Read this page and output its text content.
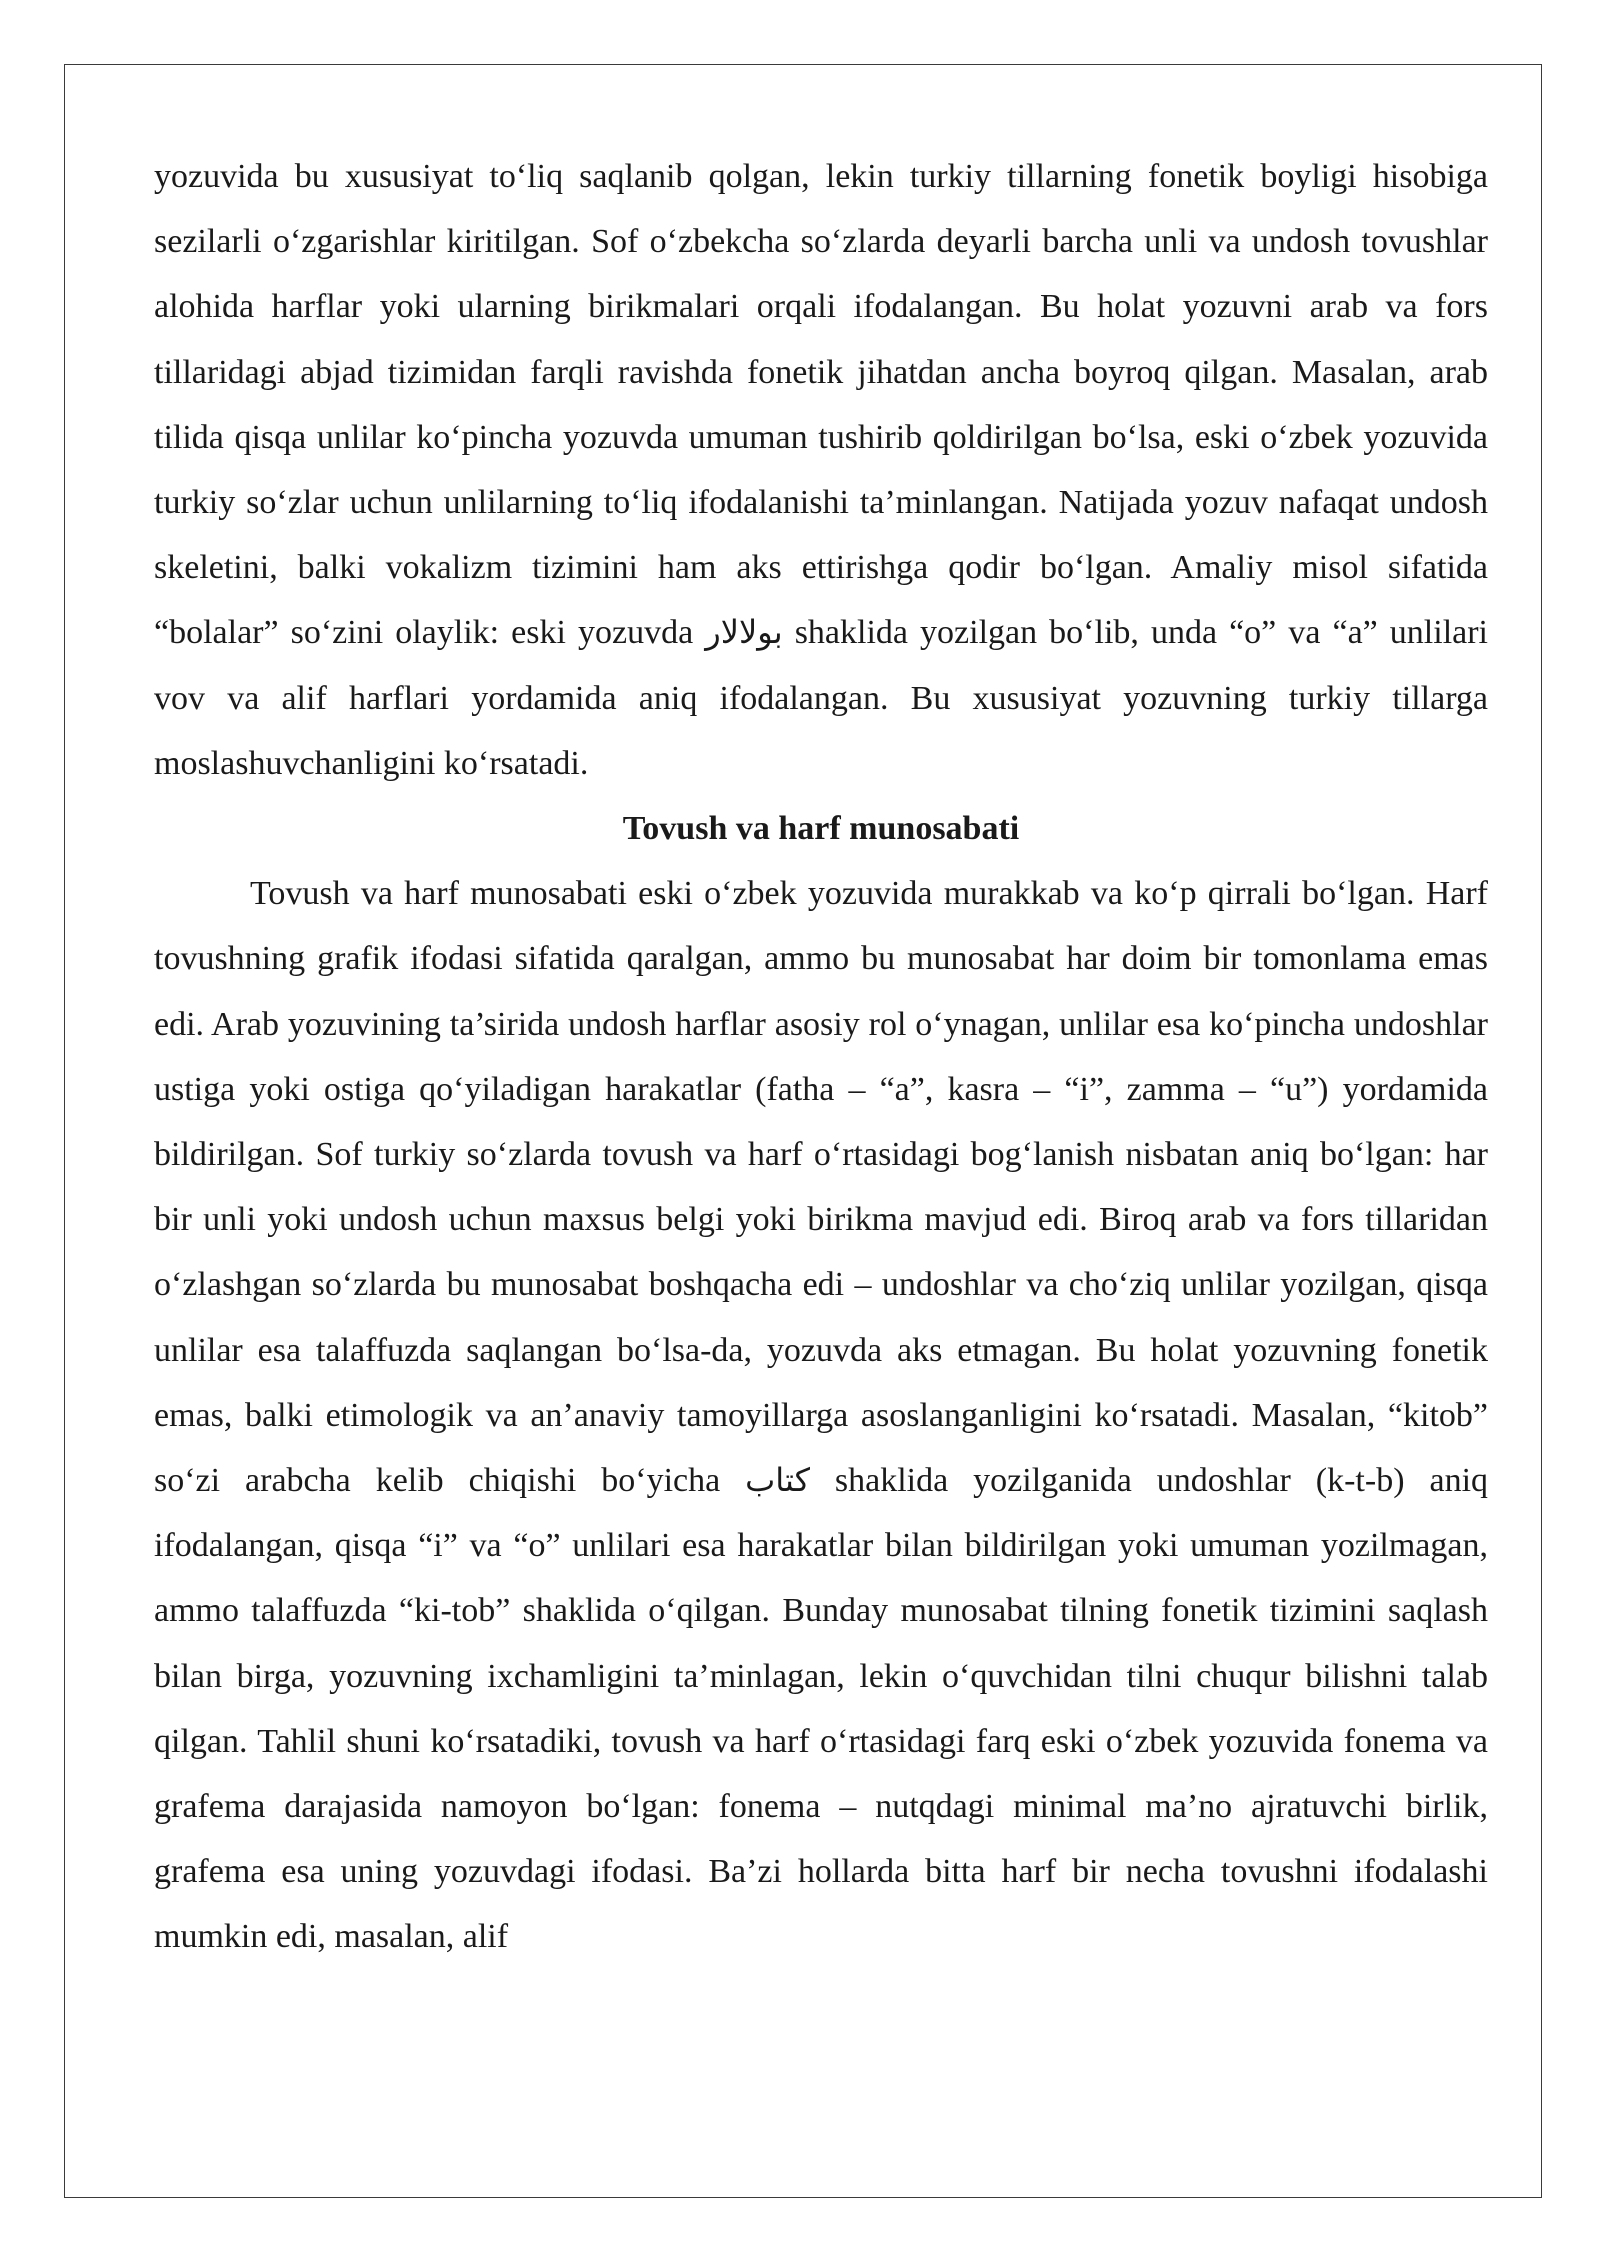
yozuvida bu xususiyat to‘liq saqlanib qolgan, lekin turkiy tillarning fonetik boyligi hisobiga sezilarli o‘zgarishlar kiritilgan. Sof o‘zbekcha so‘zlarda deyarli barcha unli va undosh tovushlar alohida harflar yoki ularning birikmalari orqali ifodalangan. Bu holat yozuvni arab va fors tillaridagi abjad tizimidan farqli ravishda fonetik jihatdan ancha boyroq qilgan. Masalan, arab tilida qisqa unlilar ko‘pincha yozuvda umuman tushirib qoldirilgan bo‘lsa, eski o‘zbek yozuvida turkiy so‘zlar uchun unlilarning to‘liq ifodalanishi ta’minlangan. Natijada yozuv nafaqat undosh skeletini, balki vokalizm tizimini ham aks ettirishga qodir bo‘lgan. Amaliy misol sifatida “bolalar” so‘zini olaylik: eski yozuvda بولالار shaklida yozilgan bo‘lib, unda “o” va “a” unlilari vov va alif harflari yordamida aniq ifodalangan. Bu xususiyat yozuvning turkiy tillarga moslashuvchanligini ko‘rsatadi.

Tovush va harf munosabati

Tovush va harf munosabati eski o‘zbek yozuvida murakkab va ko‘p qirrali bo‘lgan. Harf tovushning grafik ifodasi sifatida qaralgan, ammo bu munosabat har doim bir tomonlama emas edi. Arab yozuvining ta’sirida undosh harflar asosiy rol o‘ynagan, unlilar esa ko‘pincha undoshlar ustiga yoki ostiga qo‘yiladigan harakatlar (fatha – “a”, kasra – “i”, zamma – “u”) yordamida bildirilgan. Sof turkiy so‘zlarda tovush va harf o‘rtasidagi bog‘lanish nisbatan aniq bo‘lgan: har bir unli yoki undosh uchun maxsus belgi yoki birikma mavjud edi. Biroq arab va fors tillaridan o‘zlashgan so‘zlarda bu munosabat boshqacha edi – undoshlar va cho‘ziq unlilar yozilgan, qisqa unlilar esa talaffuzda saqlangan bo‘lsa-da, yozuvda aks etmagan. Bu holat yozuvning fonetik emas, balki etimologik va an’anaviy tamoyillarga asoslanganligini ko‘rsatadi. Masalan, “kitob” so‘zi arabcha kelib chiqishi bo‘yicha كتاب shaklida yozilganida undoshlar (k-t-b) aniq ifodalangan, qisqa “i” va “o” unlilari esa harakatlar bilan bildirilgan yoki umuman yozilmagan, ammo talaffuzda “ki-tob” shaklida o‘qilgan. Bunday munosabat tilning fonetik tizimini saqlash bilan birga, yozuvning ixchamligini ta’minlagan, lekin o‘quvchidan tilni chuqur bilishni talab qilgan. Tahlil shuni ko‘rsatadiki, tovush va harf o‘rtasidagi farq eski o‘zbek yozuvida fonema va grafema darajasida namoyon bo‘lgan: fonema – nutqdagi minimal ma’no ajratuvchi birlik, grafema esa uning yozuvdagi ifodasi. Ba’zi hollarda bitta harf bir necha tovushni ifodalashi mumkin edi, masalan, alif
